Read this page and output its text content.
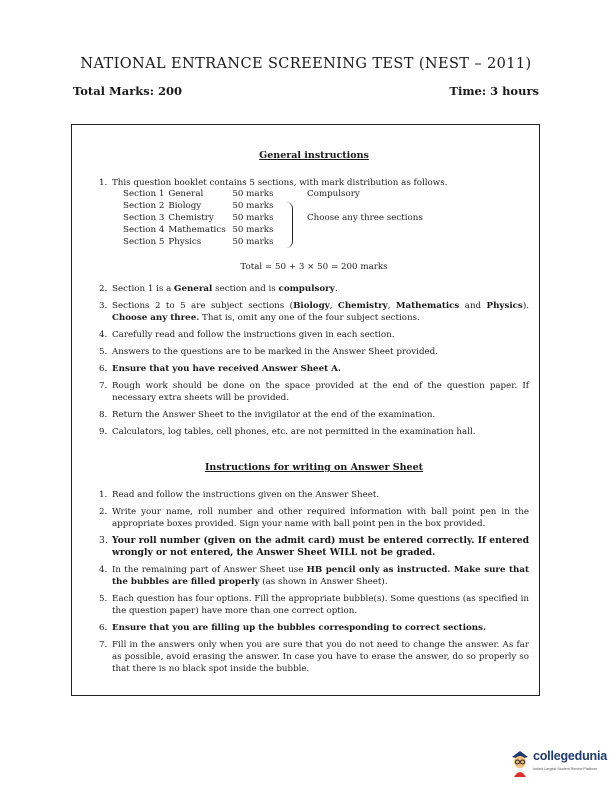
NATIONAL ENTRANCE SCREENING TEST (NEST – 2011)
Total Marks: 200	Time: 3 hours
General instructions
1. This question booklet contains 5 sections, with mark distribution as follows.
Section 1	General	50 marks
Section 2	Biology	50 marks
Section 3	Chemistry	50 marks
Section 4	Mathematics	50 marks
Section 5	Physics	50 marks
Compulsory
Choose any three sections
Total = 50 + 3 × 50 = 200 marks
2. Section 1 is a General section and is compulsory.
3. Sections 2 to 5 are subject sections (Biology, Chemistry, Mathematics and Physics). Choose any three. That is, omit any one of the four subject sections.
4. Carefully read and follow the instructions given in each section.
5. Answers to the questions are to be marked in the Answer Sheet provided.
6. Ensure that you have received Answer Sheet A.
7. Rough work should be done on the space provided at the end of the question paper. If necessary extra sheets will be provided.
8. Return the Answer Sheet to the invigilator at the end of the examination.
9. Calculators, log tables, cell phones, etc. are not permitted in the examination hall.
Instructions for writing on Answer Sheet
1. Read and follow the instructions given on the Answer Sheet.
2. Write your name, roll number and other required information with ball point pen in the appropriate boxes provided. Sign your name with ball point pen in the box provided.
3. Your roll number (given on the admit card) must be entered correctly. If entered wrongly or not entered, the Answer Sheet WILL not be graded.
4. In the remaining part of Answer Sheet use HB pencil only as instructed. Make sure that the bubbles are filled properly (as shown in Answer Sheet).
5. Each question has four options. Fill the appropriate bubble(s). Some questions (as specified in the question paper) have more than one correct option.
6. Ensure that you are filling up the bubbles corresponding to correct sections.
7. Fill in the answers only when you are sure that you do not need to change the answer. As far as possible, avoid erasing the answer. In case you have to erase the answer, do so properly so that there is no black spot inside the bubble.
collegedunia
India's Largest Student Review Platform
